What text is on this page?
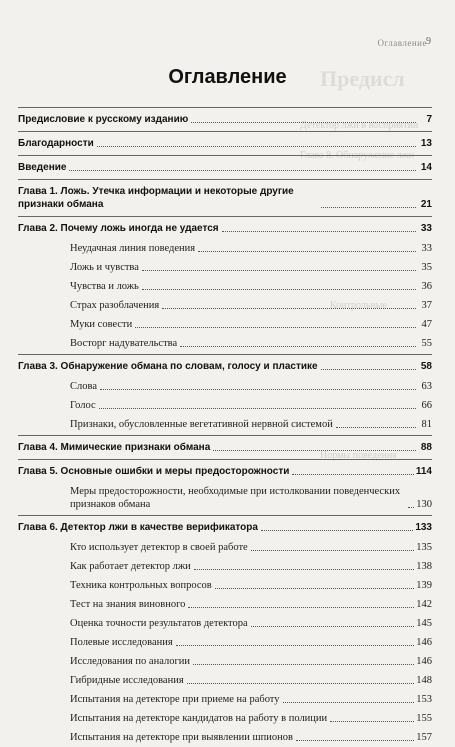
Предисл
Детектор лжи в восприятии
Глава 8. Обнаружение лжи
Контрольные
Нормы поведения
Оглавление 9
Оглавление
Предисловие к русскому изданию	7
Благодарности	13
Введение	14
Глава 1. Ложь. Утечка информации и некоторые другие признаки обмана	21
Глава 2. Почему ложь иногда не удается	33
Неудачная линия поведения	33
Ложь и чувства	35
Чувства и ложь	36
Страх разоблачения	37
Муки совести	47
Восторг надувательства	55
Глава 3. Обнаружение обмана по словам, голосу и пластике	58
Слова	63
Голос	66
Признаки, обусловленные вегетативной нервной системой	81
Глава 4. Мимические признаки обмана	88
Глава 5. Основные ошибки и меры предосторожности	114
Меры предосторожности, необходимые при истолковании поведенческих признаков обмана	130
Глава 6. Детектор лжи в качестве верификатора	133
Кто использует детектор в своей работе	135
Как работает детектор лжи	138
Техника контрольных вопросов	139
Тест на знания виновного	142
Оценка точности результатов детектора	145
Полевые исследования	146
Исследования по аналогии	146
Гибридные исследования	148
Испытания на детекторе при приеме на работу	153
Испытания на детекторе кандидатов на работу в полиции	155
Испытания на детекторе при выявлении шпионов	157
